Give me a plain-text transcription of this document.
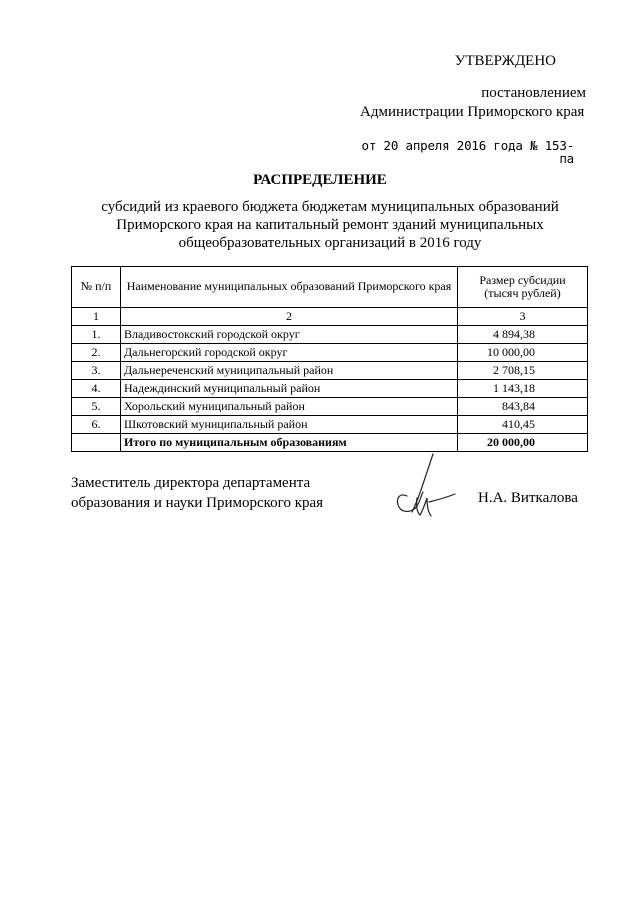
УТВЕРЖДЕНО
постановлением
Администрации Приморского края
от 20 апреля 2016 года № 153-па
РАСПРЕДЕЛЕНИЕ
субсидий из краевого бюджета бюджетам муниципальных образований Приморского края на капитальный ремонт зданий муниципальных общеобразовательных организаций в 2016 году
№ п/п	Наименование муниципальных образований Приморского края	Размер субсидии (тысяч рублей)
1	2	3
1.	Владивостокский городской округ	4 894,38
2.	Дальнегорский городской округ	10 000,00
3.	Дальнереченский муниципальный район	2 708,15
4.	Надеждинский муниципальный район	1 143,18
5.	Хорольский муниципальный район	843,84
6.	Шкотовский муниципальный район	410,45
	Итого по муниципальным образованиям	20 000,00
Заместитель директора департамента
образования и науки Приморского края	Н.А. Виткалова
